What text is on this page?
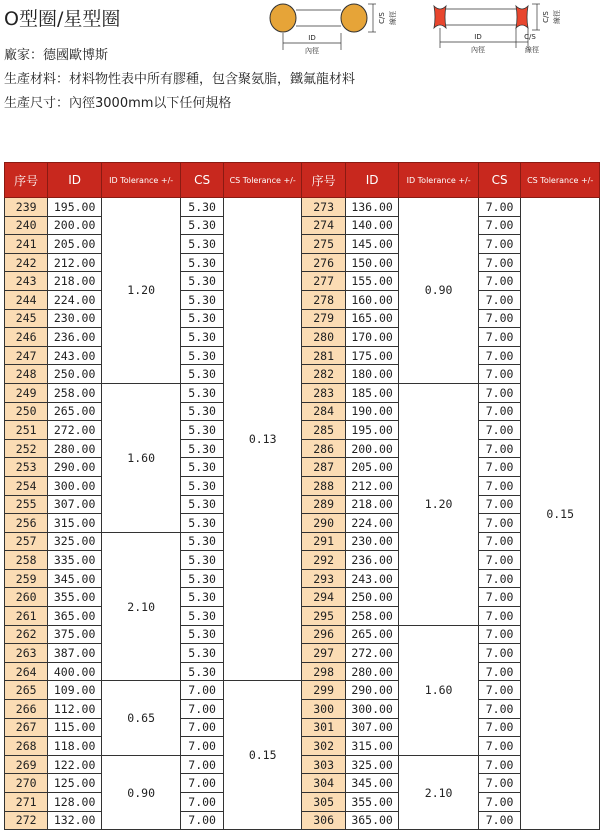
O型圈/星型圈
ID
內徑
C/S 線徑
ID
內徑
C/S
線徑
C/S 線徑
廠家：德國歐博斯
生產材料：材料物性表中所有膠種，包含聚氨脂，鐵氟龍材料
生產尺寸：內徑3000mm以下任何規格
序号	ID	ID Tolerance +/-	CS	CS Tolerance +/-	序号	ID	ID Tolerance +/-	CS	CS Tolerance +/-
239	195.00	1.20	5.30	0.13	273	136.00	0.90	7.00	0.15
240	200.00		5.30		274	140.00		7.00	
241	205.00		5.30		275	145.00		7.00	
242	212.00		5.30		276	150.00		7.00	
243	218.00		5.30		277	155.00		7.00	
244	224.00		5.30		278	160.00		7.00	
245	230.00		5.30		279	165.00		7.00	
246	236.00		5.30		280	170.00		7.00	
247	243.00		5.30		281	175.00		7.00	
248	250.00		5.30		282	180.00		7.00	
249	258.00	1.60	5.30		283	185.00	1.20	7.00	
250	265.00		5.30		284	190.00		7.00	
251	272.00		5.30		285	195.00		7.00	
252	280.00		5.30		286	200.00		7.00	
253	290.00		5.30		287	205.00		7.00	
254	300.00		5.30		288	212.00		7.00	
255	307.00		5.30		289	218.00		7.00	
256	315.00		5.30		290	224.00		7.00	
257	325.00	2.10	5.30		291	230.00		7.00	
258	335.00		5.30		292	236.00		7.00	
259	345.00		5.30		293	243.00		7.00	
260	355.00		5.30		294	250.00		7.00	
261	365.00		5.30		295	258.00		7.00	
262	375.00		5.30		296	265.00	1.60	7.00	
263	387.00		5.30		297	272.00		7.00	
264	400.00		5.30		298	280.00		7.00	
265	109.00	0.65	7.00	0.15	299	290.00		7.00	
266	112.00		7.00		300	300.00		7.00	
267	115.00		7.00		301	307.00		7.00	
268	118.00		7.00		302	315.00		7.00	
269	122.00	0.90	7.00		303	325.00	2.10	7.00	
270	125.00		7.00		304	345.00		7.00	
271	128.00		7.00		305	355.00		7.00	
272	132.00		7.00		306	365.00		7.00	
